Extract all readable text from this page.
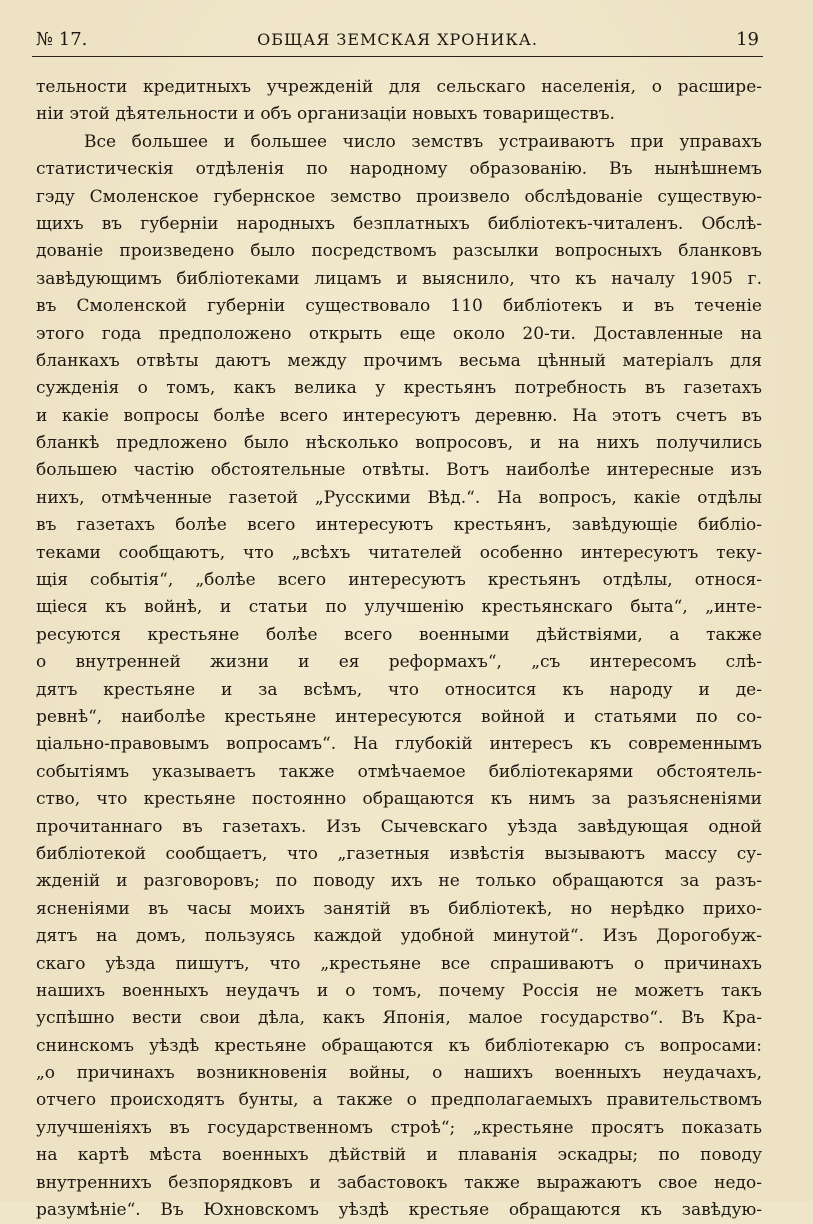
№ 17.	ОБЩАЯ ЗЕМСКАЯ ХРОНИКА.	19
тельности кредитныхъ учрежденій для сельскаго населенія, о расшире-
ніи этой дѣятельности и объ организаціи новыхъ товариществъ.
Все большее и большее число земствъ устраиваютъ при управахъ
статистическія отдѣленія по народному образованію. Въ нынѣшнемъ
гэду Смоленское губернское земство произвело обслѣдованіе существую-
щихъ въ губерніи народныхъ безплатныхъ библіотекъ-читаленъ. Обслѣ-
дованіе произведено было посредствомъ разсылки вопросныхъ бланковъ
завѣдующимъ библіотеками лицамъ и выяснило, что къ началу 1905 г.
въ Смоленской губерніи существовало 110 библіотекъ и въ теченіе
этого года предположено открыть еще около 20-ти. Доставленные на
бланкахъ отвѣты даютъ между прочимъ весьма цѣнный матеріалъ для
сужденія о томъ, какъ велика у крестьянъ потребность въ газетахъ
и какіе вопросы болѣе всего интересуютъ деревню. На этотъ счетъ въ
бланкѣ предложено было нѣсколько вопросовъ, и на нихъ получились
большею частію обстоятельные отвѣты. Вотъ наиболѣе интересные изъ
нихъ, отмѣченные газетой „Русскими Вѣд.“. На вопросъ, какіе отдѣлы
въ газетахъ болѣе всего интересуютъ крестьянъ, завѣдующіе библіо-
теками сообщаютъ, что „всѣхъ читателей особенно интересуютъ теку-
щія событія“, „болѣе всего интересуютъ крестьянъ отдѣлы, относя-
щіеся къ войнѣ, и статьи по улучшенію крестьянскаго быта“, „инте-
ресуются крестьяне болѣе всего военными дѣйствіями, а также
о внутренней жизни и ея реформахъ“, „съ интересомъ слѣ-
дятъ крестьяне и за всѣмъ, что относится къ народу и де-
ревнѣ“, наиболѣе крестьяне интересуются войной и статьями по со-
ціально-правовымъ вопросамъ“. На глубокій интересъ къ современнымъ
событіямъ указываетъ также отмѣчаемое библіотекарями обстоятель-
ство, что крестьяне постоянно обращаются къ нимъ за разъясненіями
прочитаннаго въ газетахъ. Изъ Сычевскаго уѣзда завѣдующая одной
библіотекой сообщаетъ, что „газетныя извѣстія вызываютъ массу су-
жденій и разговоровъ; по поводу ихъ не только обращаются за разъ-
ясненіями въ часы моихъ занятій въ библіотекѣ, но нерѣдко прихо-
дятъ на домъ, пользуясь каждой удобной минутой“. Изъ Дорогобуж-
скаго уѣзда пишутъ, что „крестьяне все спрашиваютъ о причинахъ
нашихъ военныхъ неудачъ и о томъ, почему Россія не можетъ такъ
успѣшно вести свои дѣла, какъ Японія, малое государство“. Въ Кра-
снинскомъ уѣздѣ крестьяне обращаются къ библіотекарю съ вопросами:
„о причинахъ возникновенія войны, о нашихъ военныхъ неудачахъ,
отчего происходятъ бунты, а также о предполагаемыхъ правительствомъ
улучшеніяхъ въ государственномъ строѣ“; „крестьяне просятъ показать
на картѣ мѣста военныхъ дѣйствій и плаванія эскадры; по поводу
внутреннихъ безпорядковъ и забастовокъ также выражаютъ свое недо-
разумѣніе“. Въ Юхновскомъ уѣздѣ крестьяе обращаются къ завѣдую-
